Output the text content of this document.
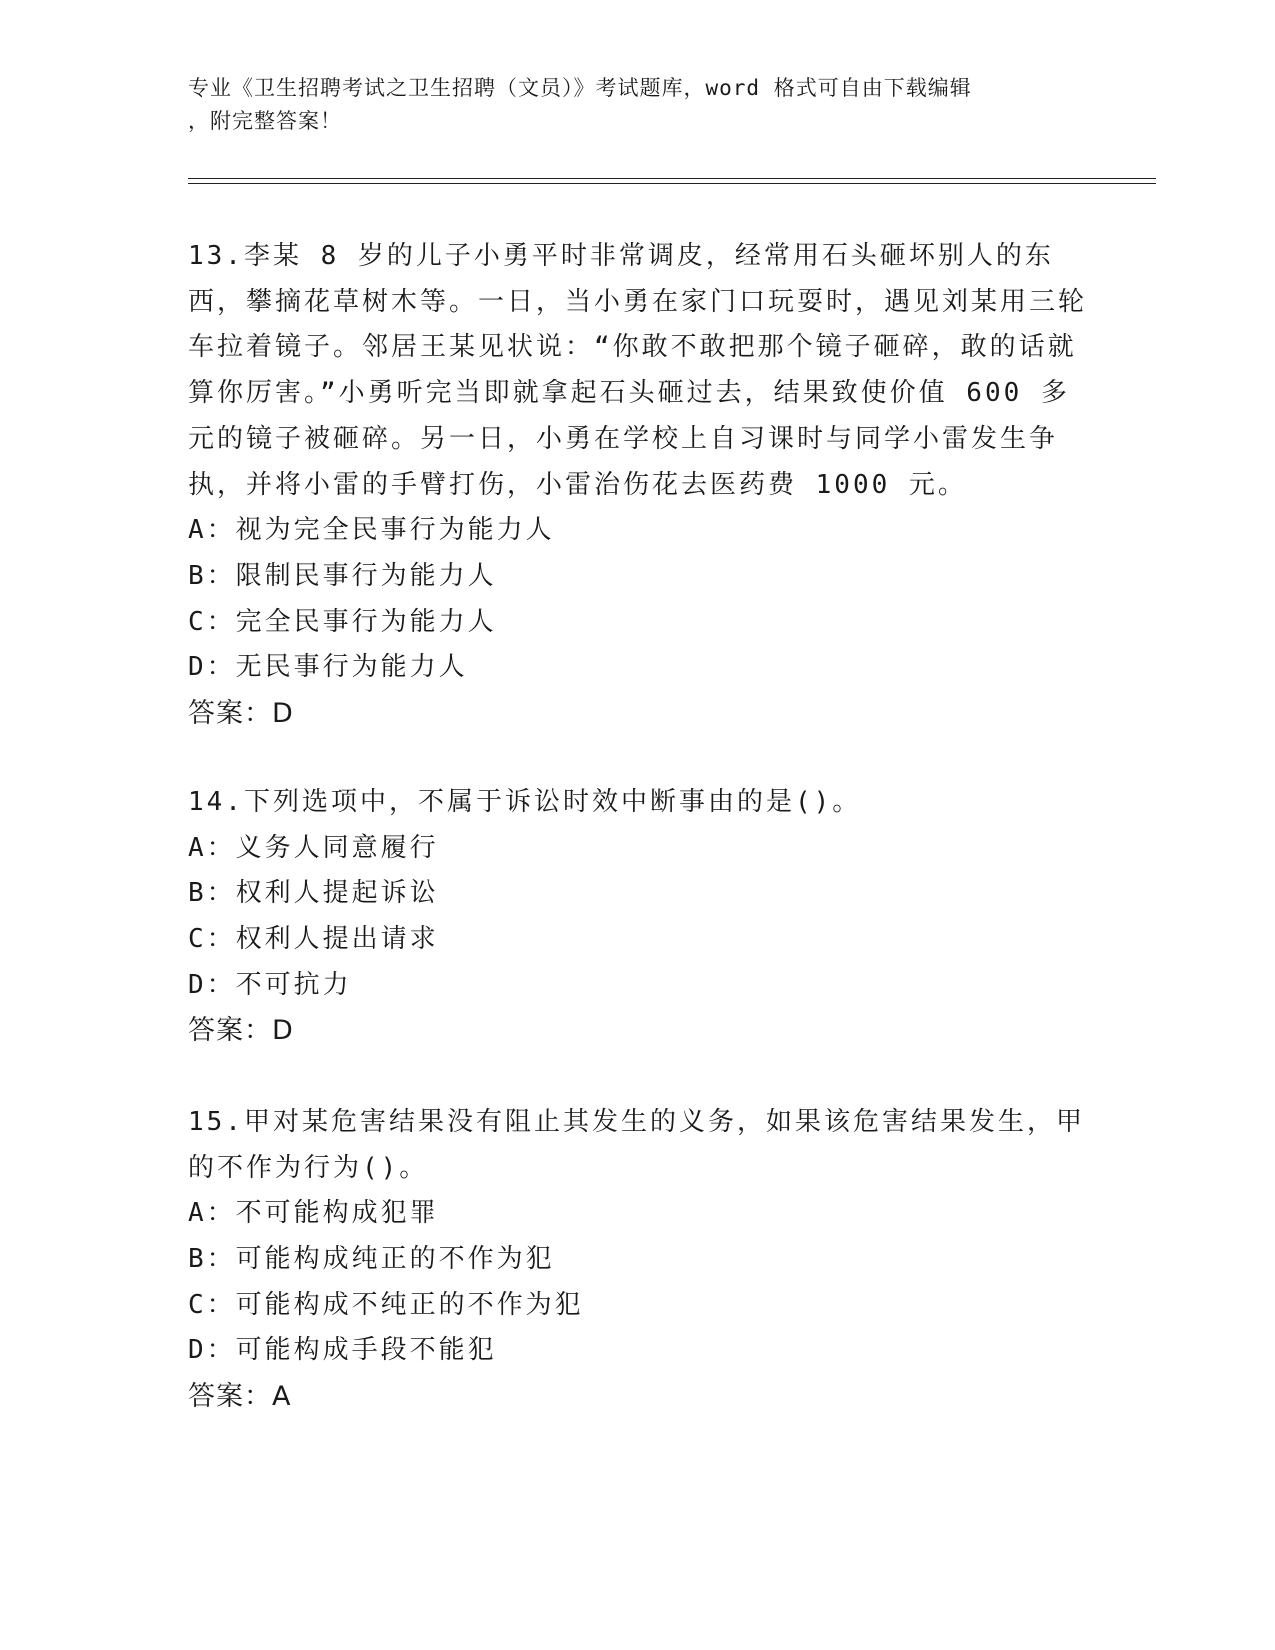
专业《卫生招聘考试之卫生招聘（文员）》考试题库，word 格式可自由下载编辑
，附完整答案！
13.李某 8 岁的儿子小勇平时非常调皮，经常用石头砸坏别人的东西，攀摘花草树木等。一日，当小勇在家门口玩耍时，遇见刘某用三轮车拉着镜子。邻居王某见状说：“你敢不敢把那个镜子砸碎，敢的话就算你厉害。”小勇听完当即就拿起石头砸过去，结果致使价值 600 多元的镜子被砸碎。另一日，小勇在学校上自习课时与同学小雷发生争执，并将小雷的手臂打伤，小雷治伤花去医药费 1000 元。
A：视为完全民事行为能力人
B：限制民事行为能力人
C：完全民事行为能力人
D：无民事行为能力人
答案：D
14.下列选项中，不属于诉讼时效中断事由的是()。
A：义务人同意履行
B：权利人提起诉讼
C：权利人提出请求
D：不可抗力
答案：D
15.甲对某危害结果没有阻止其发生的义务，如果该危害结果发生，甲的不作为行为()。
A：不可能构成犯罪
B：可能构成纯正的不作为犯
C：可能构成不纯正的不作为犯
D：可能构成手段不能犯
答案：A
